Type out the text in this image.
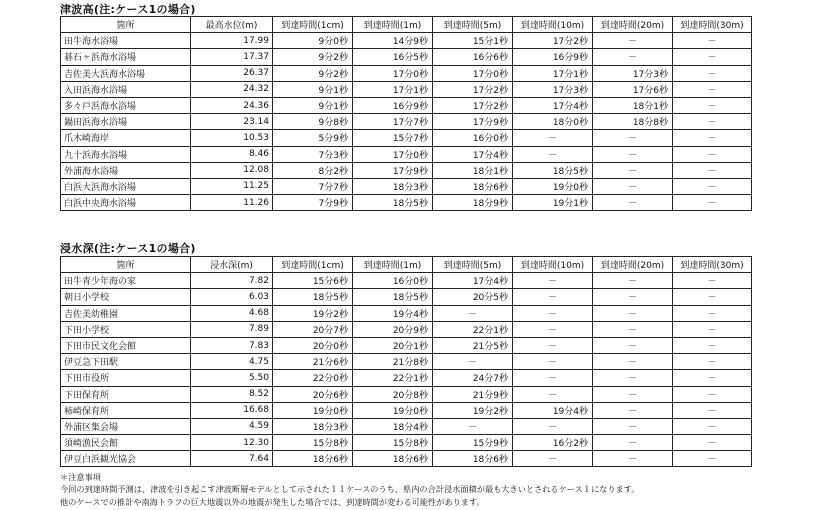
津波高(注:ケース1の場合)
箇所	最高水位(m)	到達時間(1cm)	到達時間(1m)	到達時間(5m)	到達時間(10m)	到達時間(20m)	到達時間(30m)
田牛海水浴場	17.99	9分0秒	14分9秒	15分1秒	17分2秒	－	－
碁石ヶ浜海水浴場	17.37	9分2秒	16分5秒	16分6秒	16分9秒	－	－
吉佐美大浜海水浴場	26.37	9分2秒	17分0秒	17分0秒	17分1秒	17分3秒	－
入田浜海水浴場	24.32	9分1秒	17分1秒	17分2秒	17分3秒	17分6秒	－
多々戸浜海水浴場	24.36	9分1秒	16分9秒	17分2秒	17分4秒	18分1秒	－
鍋田浜海水浴場	23.14	9分8秒	17分7秒	17分9秒	18分0秒	18分8秒	－
爪木崎海岸	10.53	5分9秒	15分7秒	16分0秒	－	－	－
九十浜海水浴場	8.46	7分3秒	17分0秒	17分4秒	－	－	－
外浦海水浴場	12.08	8分2秒	17分9秒	18分1秒	18分5秒	－	－
白浜大浜海水浴場	11.25	7分7秒	18分3秒	18分6秒	19分0秒	－	－
白浜中央海水浴場	11.26	7分9秒	18分5秒	18分9秒	19分1秒	－	－
浸水深(注:ケース1の場合)
箇所	浸水深(m)	到達時間(1cm)	到達時間(1m)	到達時間(5m)	到達時間(10m)	到達時間(20m)	到達時間(30m)
田牛青少年海の家	7.82	15分6秒	16分0秒	17分4秒	－	－	－
朝日小学校	6.03	18分5秒	18分5秒	20分5秒	－	－	－
吉佐美幼稚園	4.68	19分2秒	19分4秒	－	－	－	－
下田小学校	7.89	20分7秒	20分9秒	22分1秒	－	－	－
下田市民文化会館	7.83	20分0秒	20分1秒	21分5秒	－	－	－
伊豆急下田駅	4.75	21分6秒	21分8秒	－	－	－	－
下田市役所	5.50	22分0秒	22分1秒	24分7秒	－	－	－
下田保育所	8.52	20分6秒	20分8秒	21分9秒	－	－	－
柿崎保育所	16.68	19分0秒	19分0秒	19分2秒	19分4秒	－	－
外浦区集会場	4.59	18分3秒	18分4秒	－	－	－	－
須崎漁民会館	12.30	15分8秒	15分8秒	15分9秒	16分2秒	－	－
伊豆白浜観光協会	7.64	18分6秒	18分6秒	18分6秒	－	－	－
＊注意事項
今回の到達時間予測は、津波を引き起こす津波断層モデルとして示された１１ケースのうち、県内の合計浸水面積が最も大きいとされるケース１になります。
他のケースでの推計や南海トラフの巨大地震以外の地震が発生した場合では、到達時間が変わる可能性があります。
